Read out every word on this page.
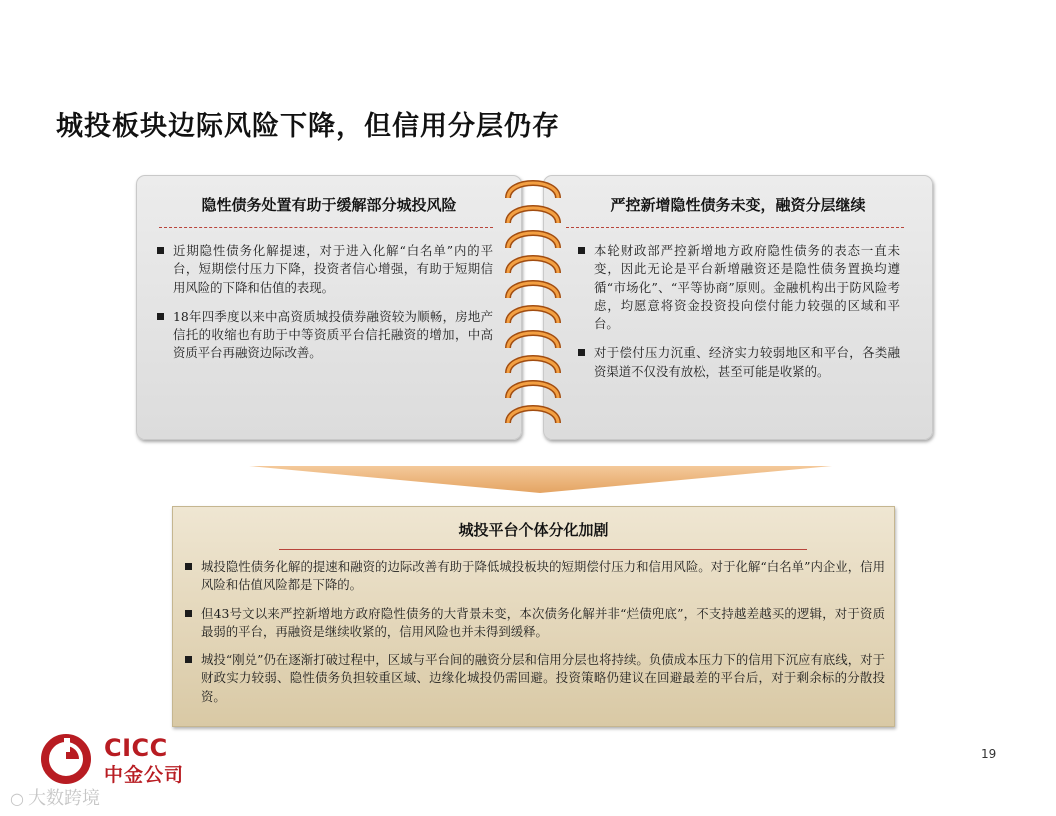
城投板块边际风险下降，但信用分层仍存
隐性债务处置有助于缓解部分城投风险
近期隐性债务化解提速，对于进入化解“白名单”内的平台，短期偿付压力下降，投资者信心增强，有助于短期信用风险的下降和估值的表现。
18年四季度以来中高资质城投债券融资较为顺畅，房地产信托的收缩也有助于中等资质平台信托融资的增加，中高资质平台再融资边际改善。
严控新增隐性债务未变，融资分层继续
本轮财政部严控新增地方政府隐性债务的表态一直未变，因此无论是平台新增融资还是隐性债务置换均遵循“市场化”、“平等协商”原则。金融机构出于防风险考虑，均愿意将资金投资投向偿付能力较强的区域和平台。
对于偿付压力沉重、经济实力较弱地区和平台，各类融资渠道不仅没有放松，甚至可能是收紧的。
城投平台个体分化加剧
城投隐性债务化解的提速和融资的边际改善有助于降低城投板块的短期偿付压力和信用风险。对于化解“白名单”内企业，信用风险和估值风险都是下降的。
但43号文以来严控新增地方政府隐性债务的大背景未变，本次债务化解并非“烂债兜底”，不支持越差越买的逻辑，对于资质最弱的平台，再融资是继续收紧的，信用风险也并未得到缓释。
城投“刚兑”仍在逐渐打破过程中，区域与平台间的融资分层和信用分层也将持续。负债成本压力下的信用下沉应有底线，对于财政实力较弱、隐性债务负担较重区域、边缘化城投仍需回避。投资策略仍建议在回避最差的平台后，对于剩余标的分散投资。
CICC
中金公司
○ 大数跨境
19
